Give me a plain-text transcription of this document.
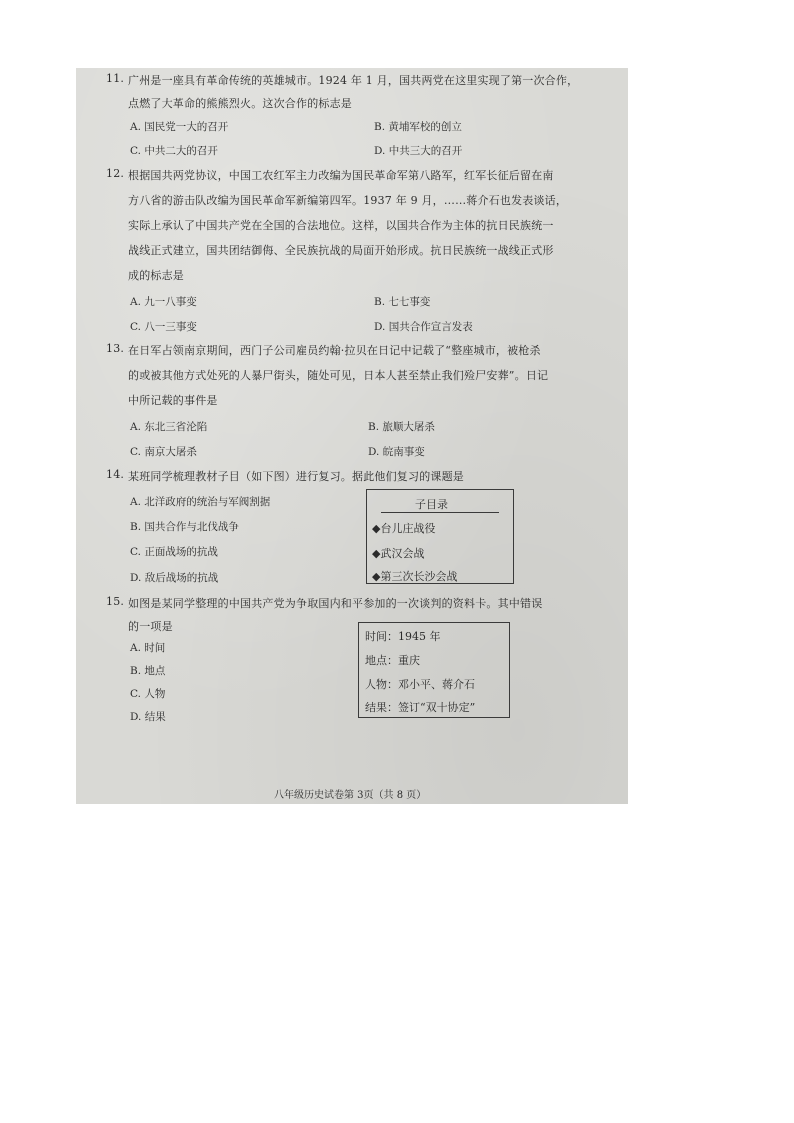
11. 广州是一座具有革命传统的英雄城市。1924 年 1 月，国共两党在这里实现了第一次合作，
点燃了大革命的熊熊烈火。这次合作的标志是
A. 国民党一大的召开	B. 黄埔军校的创立
C. 中共二大的召开	D. 中共三大的召开
12. 根据国共两党协议，中国工农红军主力改编为国民革命军第八路军，红军长征后留在南
方八省的游击队改编为国民革命军新编第四军。1937 年 9 月，……蒋介石也发表谈话，
实际上承认了中国共产党在全国的合法地位。这样，以国共合作为主体的抗日民族统一
战线正式建立，国共团结御侮、全民族抗战的局面开始形成。抗日民族统一战线正式形
成的标志是
A. 九一八事变	B. 七七事变
C. 八一三事变	D. 国共合作宣言发表
13. 在日军占领南京期间，西门子公司雇员约翰·拉贝在日记中记载了“整座城市，被枪杀
的或被其他方式处死的人暴尸街头，随处可见，日本人甚至禁止我们殓尸安葬”。日记
中所记载的事件是
A. 东北三省沦陷	B. 旅顺大屠杀
C. 南京大屠杀	D. 皖南事变
14. 某班同学梳理教材子目（如下图）进行复习。据此他们复习的课题是
A. 北洋政府的统治与军阀割据
B. 国共合作与北伐战争
C. 正面战场的抗战
D. 敌后战场的抗战
子目录
◆台儿庄战役
◆武汉会战
◆第三次长沙会战
15. 如图是某同学整理的中国共产党为争取国内和平参加的一次谈判的资料卡。其中错误
的一项是
A. 时间
B. 地点
C. 人物
D. 结果
时间：1945 年
地点：重庆
人物：邓小平、蒋介石
结果：签订“双十协定”
八年级历史试卷第 3页（共 8 页）
